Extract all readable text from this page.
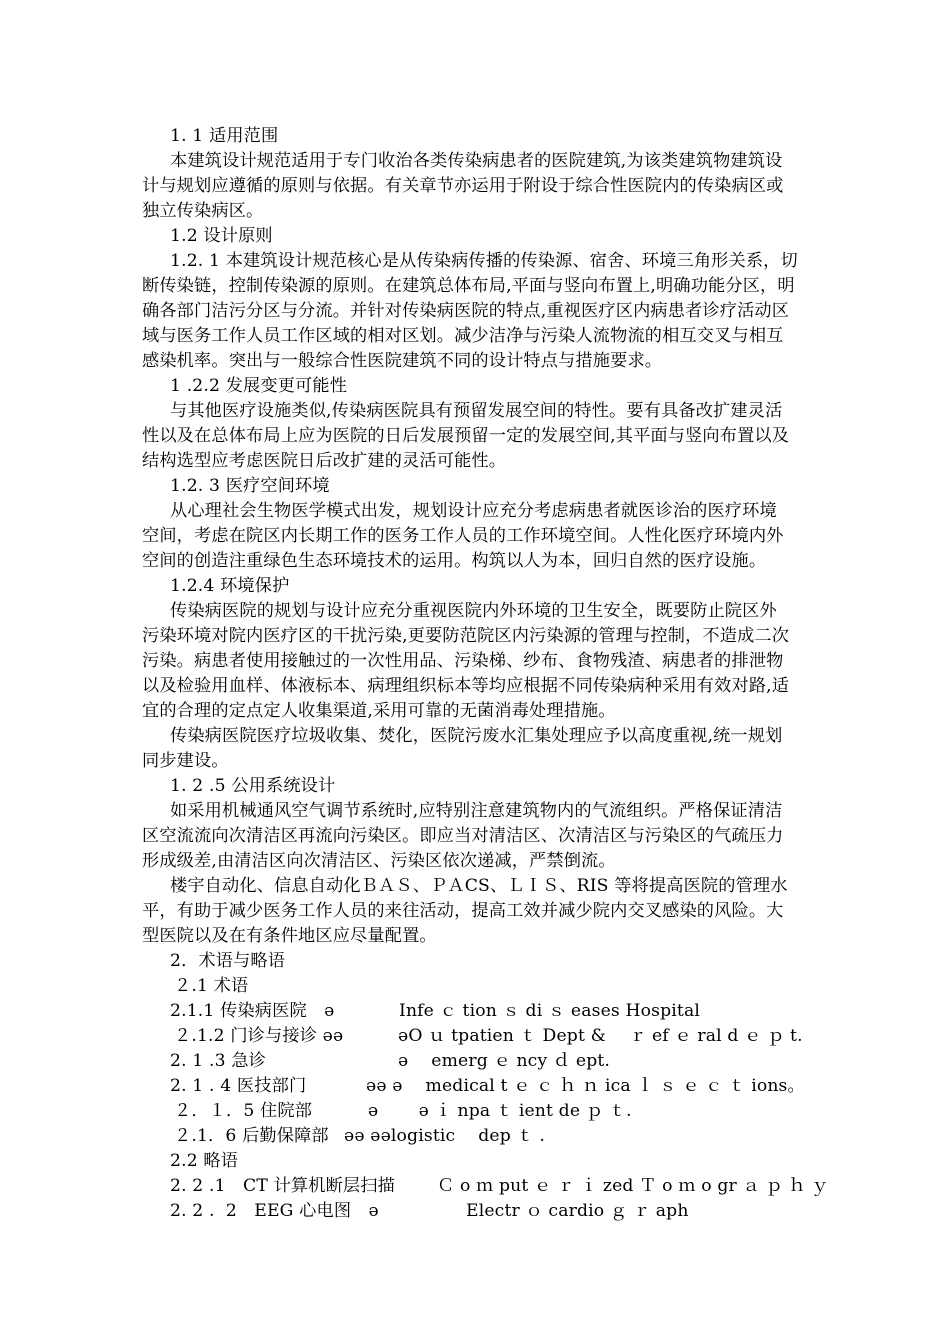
1. 1 适用范围
本建筑设计规范适用于专门收治各类传染病患者的医院建筑,为该类建筑物建筑设
计与规划应遵循的原则与依据。有关章节亦运用于附设于综合性医院内的传染病区或
独立传染病区。
1.2 设计原则
1.2. 1 本建筑设计规范核心是从传染病传播的传染源、宿舍、环境三角形关系，切
断传染链，控制传染源的原则。在建筑总体布局,平面与竖向布置上,明确功能分区，明
确各部门洁污分区与分流。并针对传染病医院的特点,重视医疗区内病患者诊疗活动区
域与医务工作人员工作区域的相对区划。减少洁净与污染人流物流的相互交叉与相互
感染机率。突出与一般综合性医院建筑不同的设计特点与措施要求。
1 .2.2 发展变更可能性
与其他医疗设施类似,传染病医院具有预留发展空间的特性。要有具备改扩建灵活
性以及在总体布局上应为医院的日后发展预留一定的发展空间,其平面与竖向布置以及
结构选型应考虑医院日后改扩建的灵活可能性。
1.2. 3 医疗空间环境
从心理社会生物医学模式出发，规划设计应充分考虑病患者就医诊治的医疗环境
空间，考虑在院区内长期工作的医务工作人员的工作环境空间。人性化医疗环境内外
空间的创造注重绿色生态环境技术的运用。构筑以人为本，回归自然的医疗设施。
1.2.4 环境保护
传染病医院的规划与设计应充分重视医院内外环境的卫生安全，既要防止院区外
污染环境对院内医疗区的干扰污染,更要防范院区内污染源的管理与控制，不造成二次
污染。病患者使用接触过的一次性用品、污染梯、纱布、食物残渣、病患者的排泄物
以及检验用血样、体液标本、病理组织标本等均应根据不同传染病种采用有效对路,适
宜的合理的定点定人收集渠道,采用可靠的无菌消毒处理措施。
传染病医院医疗垃圾收集、焚化，医院污废水汇集处理应予以高度重视,统一规划
同步建设。
1. 2 .5 公用系统设计
如采用机械通风空气调节系统时,应特别注意建筑物内的气流组织。严格保证清洁
区空流流向次清洁区再流向污染区。即应当对清洁区、次清洁区与污染区的气疏压力
形成级差,由清洁区向次清洁区、污染区依次递减，严禁倒流。
楼宇自动化、信息自动化ＢＡＳ、ＰＡCS、ＬＩＳ、RIS 等将提高医院的管理水
平，有助于减少医务工作人员的来往活动，提高工效并减少院内交叉感染的风险。大
型医院以及在有条件地区应尽量配置。
2．术语与略语
２.1 术语
2.1.1 传染病医院　ə	Infe ｃ tion ｓ di ｓ eases Hospital
２.1.2 门诊与接诊 əə	əO ｕ tpatien ｔ Dept &　 ｒ ef ｅ ral d ｅ ｐ t.
2. 1 .3 急诊	ə　 emerg ｅ ncy ｄ ept.
2. 1 . 4 医技部门	əə ə　 medical t ｅ ｃ ｈ ｎ ica ｌ ｓ ｅ ｃ ｔ ions。
２．１．5 住院部	ə　　 ə ｉ npa ｔ ient de ｐ ｔ.
２.1．6 后勤保障部 əə əəlogistic　 dep ｔ .
2.2 略语
2. 2 .1　CT 计算机断层扫描 Ｃ o ｍ put ｅ ｒ ｉ zed Ｔ o ｍ o gr ａ ｐ ｈ ｙ
2. 2 .  2　EEG 心电图　ə	Electr ｏ cardio ｇ ｒ aph
